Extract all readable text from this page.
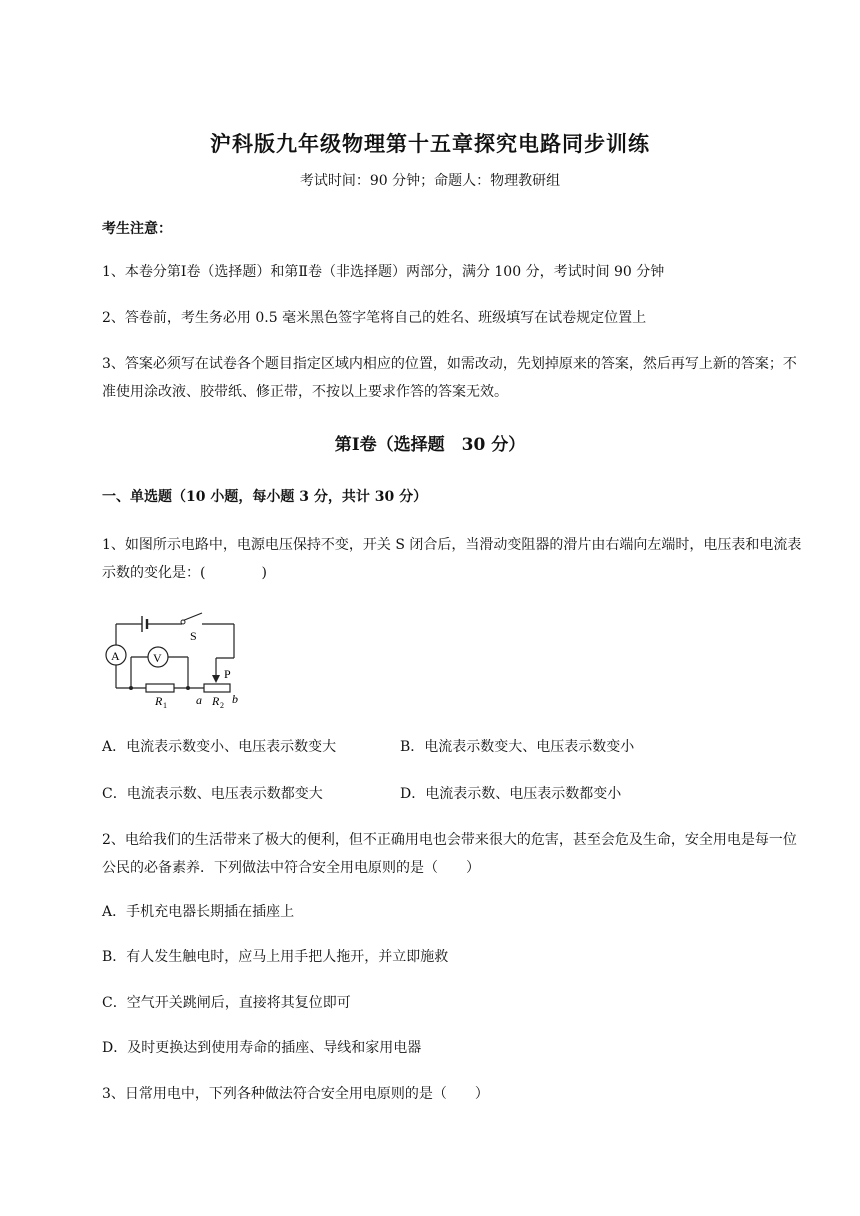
沪科版九年级物理第十五章探究电路同步训练
考试时间：90 分钟；命题人：物理教研组
考生注意：
1、本卷分第Ⅰ卷（选择题）和第Ⅱ卷（非选择题）两部分，满分 100 分，考试时间 90 分钟
2、答卷前，考生务必用 0.5 毫米黑色签字笔将自己的姓名、班级填写在试卷规定位置上
3、答案必须写在试卷各个题目指定区域内相应的位置，如需改动，先划掉原来的答案，然后再写上新的答案；不准使用涂改液、胶带纸、修正带，不按以上要求作答的答案无效。
第Ⅰ卷（选择题　30 分）
一、单选题（10 小题，每小题 3 分，共计 30 分）
1、如图所示电路中，电源电压保持不变，开关 S 闭合后，当滑动变阻器的滑片由右端向左端时，电压表和电流表示数的变化是：(　　　　)
S
A	V
P
R 1 a R 2 b
A．电流表示数变小、电压表示数变大	B．电流表示数变大、电压表示数变小
C．电流表示数、电压表示数都变大	D．电流表示数、电压表示数都变小
2、电给我们的生活带来了极大的便利，但不正确用电也会带来很大的危害，甚至会危及生命，安全用电是每一位公民的必备素养．下列做法中符合安全用电原则的是（　　）
A．手机充电器长期插在插座上
B．有人发生触电时，应马上用手把人拖开，并立即施救
C．空气开关跳闸后，直接将其复位即可
D．及时更换达到使用寿命的插座、导线和家用电器
3、日常用电中，下列各种做法符合安全用电原则的是（　　）
